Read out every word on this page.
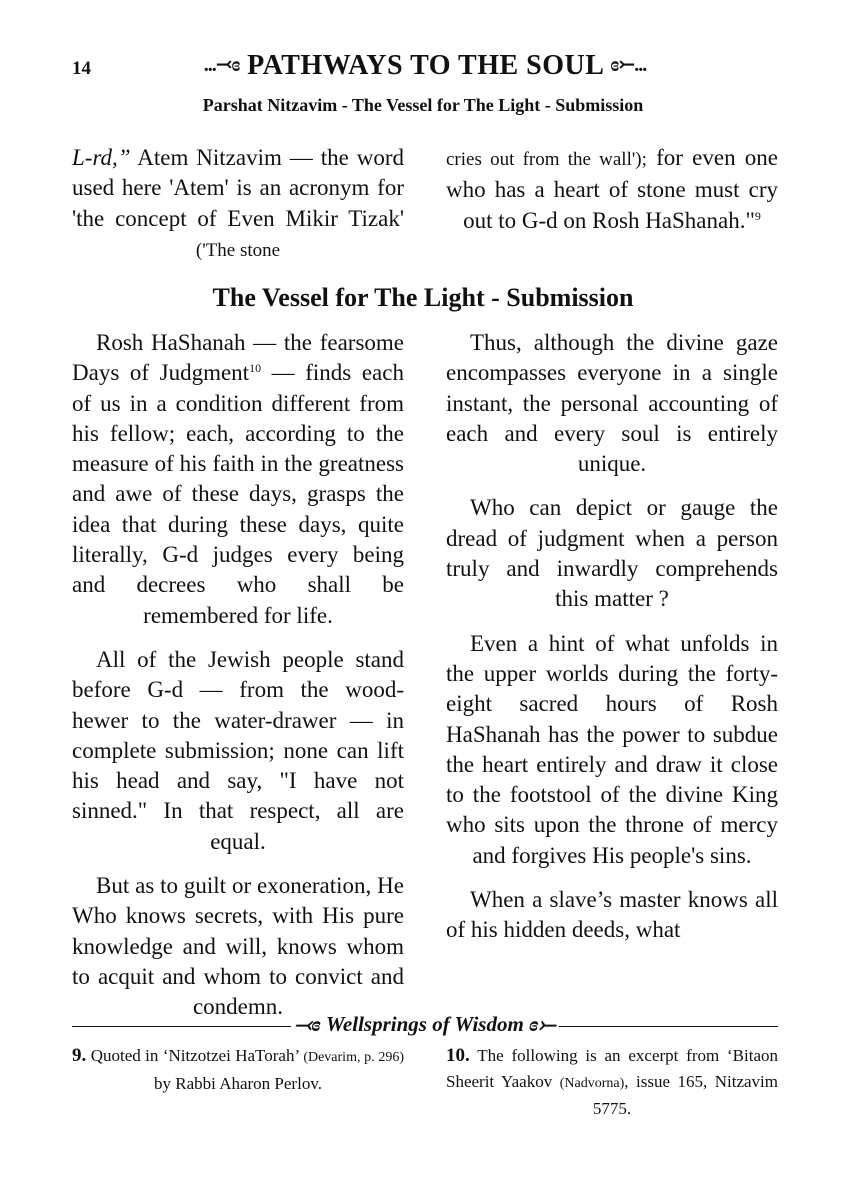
14	...⤙ɞ PATHWAYS TO THE SOUL ɞ⤚...
Parshat Nitzavim - The Vessel for The Light - Submission

L-rd,” Atem Nitzavim — the word used here 'Atem' is an acronym for 'the concept of Even Mikir Tizak' ('The stone

cries out from the wall'); for even one who has a heart of stone must cry out to G-d on Rosh HaShanah."$^9$

The Vessel for The Light - Submission

Rosh HaShanah — the fearsome Days of Judgment$^{10}$ — finds each of us in a condition different from his fellow; each, according to the measure of his faith in the greatness and awe of these days, grasps the idea that during these days, quite literally, G-d judges every being and decrees who shall be remembered for life.

All of the Jewish people stand before G-d — from the wood-hewer to the water-drawer — in complete submission; none can lift his head and say, "I have not sinned." In that respect, all are equal.

But as to guilt or exoneration, He Who knows secrets, with His pure knowledge and will, knows whom to acquit and whom to convict and condemn.

Thus, although the divine gaze encompasses everyone in a single instant, the personal accounting of each and every soul is entirely unique.

Who can depict or gauge the dread of judgment when a person truly and inwardly comprehends this matter ?

Even a hint of what unfolds in the upper worlds during the forty-eight sacred hours of Rosh HaShanah has the power to subdue the heart entirely and draw it close to the footstool of the divine King who sits upon the throne of mercy and forgives His people's sins.

When a slave’s master knows all of his hidden deeds, what

⤙ɞ Wellsprings of Wisdom ɞ⤚

9. Quoted in ‘Nitzotzei HaTorah’ (Devarim, p. 296) by Rabbi Aharon Perlov.

10. The following is an excerpt from ‘Bitaon Sheerit Yaakov (Nadvorna), issue 165, Nitzavim 5775.
